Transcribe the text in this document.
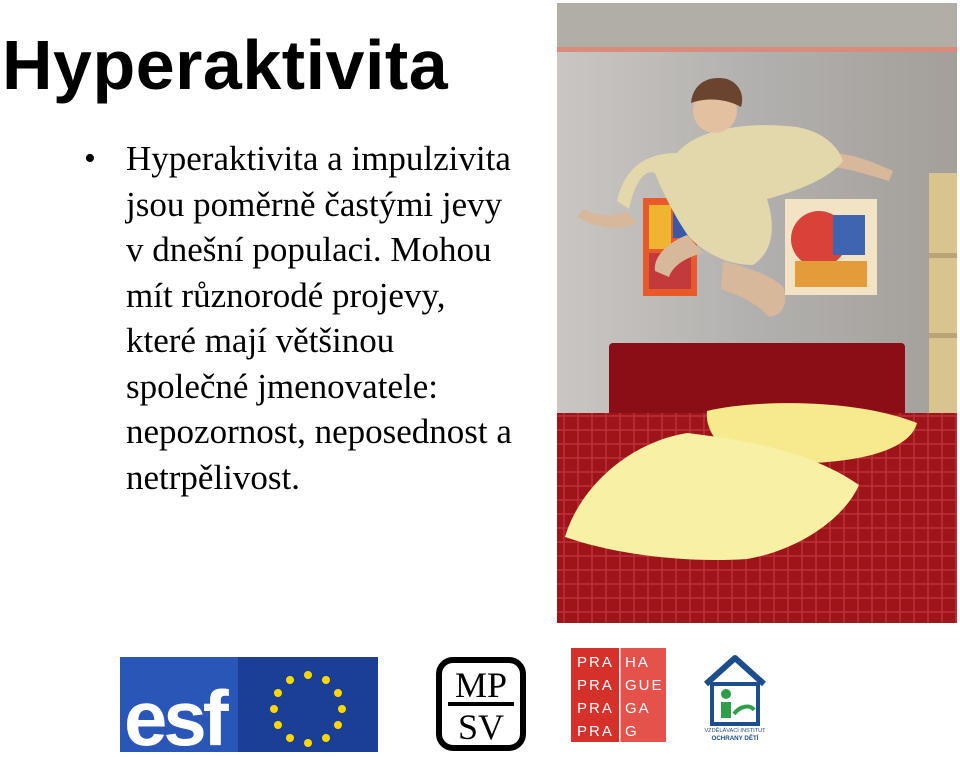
Hyperaktivita
• Hyperaktivita a impulzivita jsou poměrně častými jevy v dnešní populaci. Mohou mít různorodé projevy, které mají většinou společné jmenovatele: nepozornost, neposednost a netrpělivost.
esf	MP
SV
PRA HA
PRA GUE
PRA GA
PRA G	VZDĚLÁVACÍ INSTITUT
OCHRANY DĚTÍ
